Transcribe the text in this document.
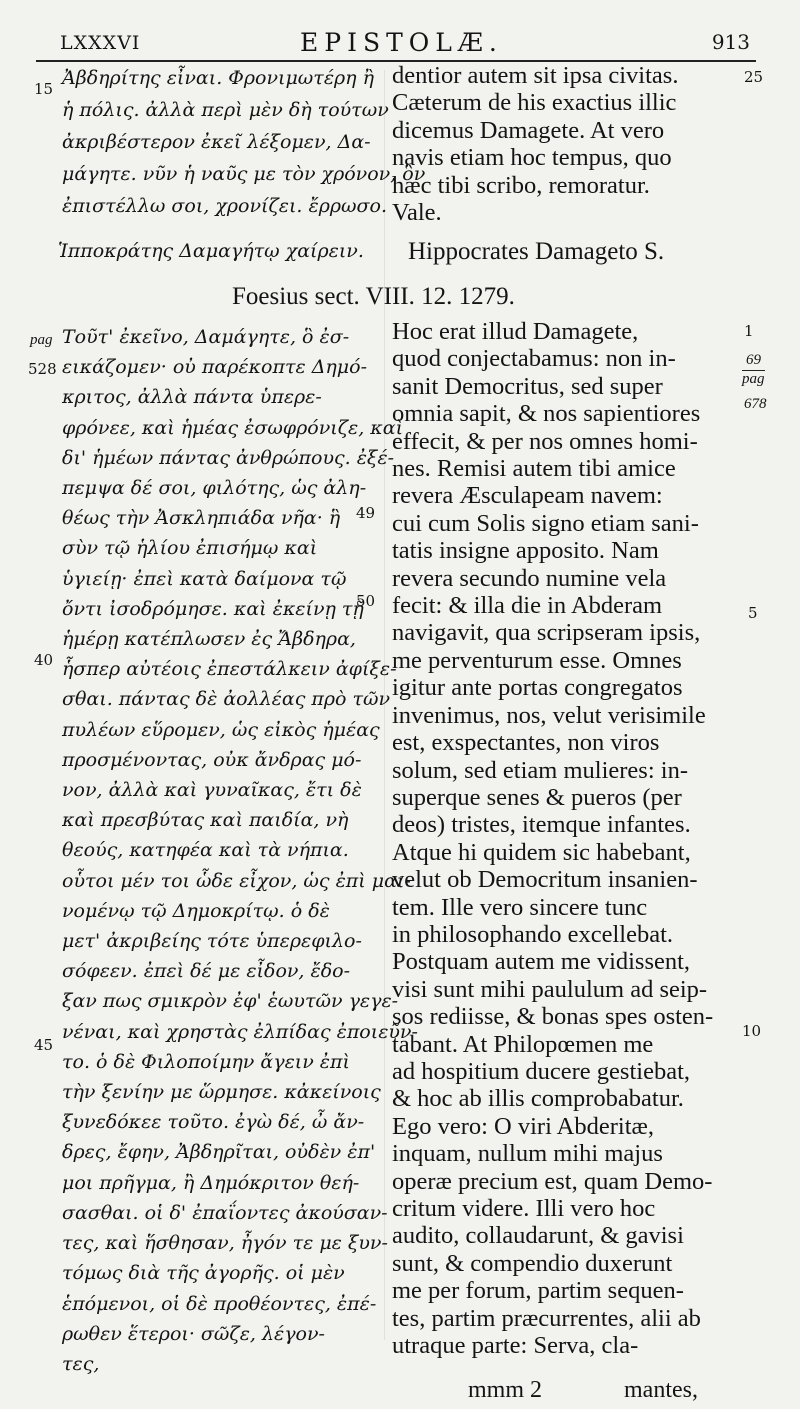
LXXXVI	EPISTOLÆ.	913
Ἀβδηρίτης εἶναι. Φρονιμωτέρη ἢ
ἡ πόλις. ἀλλὰ περὶ μὲν δὴ τούτων
ἀκριβέστερον ἐκεῖ λέξομεν, Δα-
μάγητε. νῦν ἡ ναῦς με τὸν χρόνον, ὃν
ἐπιστέλλω σοι, χρονίζει. ἔρρωσο.
dentior autem sit ipsa civitas.
Cæterum de his exactius illic
dicemus Damagete. At vero
navis etiam hoc tempus, quo
hæc tibi scribo, remoratur.
Vale.
Ἱπποκράτης Δαμαγήτῳ χαίρειν. Hippocrates Damageto S.
Foesius sect. VIII. 12. 1279.
Τοῦτ' ἐκεῖνο, Δαμάγητε, ὃ ἐσ-
εικάζομεν· οὐ παρέκοπτε Δημό-
κριτος, ἀλλὰ πάντα ὑπερε-
φρόνεε, καὶ ἡμέας ἐσωφρόνιζε, καὶ
δι' ἡμέων πάντας ἀνθρώπους. ἐξέ-
πεμψα δέ σοι, φιλότης, ὡς ἀλη-
θέως τὴν Ἀσκληπιάδα νῆα· ἣ
σὺν τῷ ἡλίου ἐπισήμῳ καὶ
ὑγιείῃ· ἐπεὶ κατὰ δαίμονα τῷ
ὄντι ἰσοδρόμησε. καὶ ἐκείνῃ τῇ
ἡμέρῃ κατέπλωσεν ἐς Ἄβδηρα,
ἧσπερ αὐτέοις ἐπεστάλκειν ἀφίξε-
σθαι. πάντας δὲ ἀολλέας πρὸ τῶν
πυλέων εὕρομεν, ὡς εἰκὸς ἡμέας
προσμένοντας, οὐκ ἄνδρας μό-
νον, ἀλλὰ καὶ γυναῖκας, ἔτι δὲ
καὶ πρεσβύτας καὶ παιδία, νὴ
θεούς, κατηφέα καὶ τὰ νήπια.
οὗτοι μέν τοι ὧδε εἶχον, ὡς ἐπὶ μαι-
νομένῳ τῷ Δημοκρίτῳ. ὁ δὲ
μετ' ἀκριβείης τότε ὑπερεφιλο-
σόφεεν. ἐπεὶ δέ με εἶδον, ἔδο-
ξαν πως σμικρὸν ἐφ' ἑωυτῶν γεγε-
νέναι, καὶ χρηστὰς ἐλπίδας ἐποιεῦν-
το. ὁ δὲ Φιλοποίμην ἄγειν ἐπὶ
τὴν ξενίην με ὥρμησε. κἀκείνοις
ξυνεδόκεε τοῦτο. ἐγὼ δέ, ὦ ἄν-
δρες, ἔφην, Ἀβδηρῖται, οὐδὲν ἐπ'
μοι πρῆγμα, ἢ Δημόκριτον θεή-
σασθαι. οἱ δ' ἐπαΐοντες ἀκούσαν-
τες, καὶ ἥσθησαν, ἦγόν τε με ξυν-
τόμως διὰ τῆς ἀγορῆς. οἱ μὲν
ἑπόμενοι, οἱ δὲ προθέοντες, ἐπέ-
ρωθεν ἕτεροι· σῶζε, λέγον-
τες,
Hoc erat illud Damagete,
quod conjectabamus: non in-
sanit Democritus, sed super
omnia sapit, & nos sapientiores
effecit, & per nos omnes homi-
nes. Remisi autem tibi amice
revera Æsculapeam navem:
cui cum Solis signo etiam sani-
tatis insigne apposito. Nam
revera secundo numine vela
fecit: & illa die in Abderam
navigavit, qua scripseram ipsis,
me perventurum esse. Omnes
igitur ante portas congregatos
invenimus, nos, velut verisimile
est, exspectantes, non viros
solum, sed etiam mulieres: in-
superque senes & pueros (per
deos) tristes, itemque infantes.
Atque hi quidem sic habebant,
velut ob Democritum insanien-
tem. Ille vero sincere tunc
in philosophando excellebat.
Postquam autem me vidissent,
visi sunt mihi paululum ad seip-
sos rediisse, & bonas spes osten-
tabant. At Philopœmen me
ad hospitium ducere gestiebat,
& hoc ab illis comprobabatur.
Ego vero: O viri Abderitæ,
inquam, nullum mihi majus
operæ precium est, quam Demo-
critum videre. Illi vero hoc
audito, collaudarunt, & gavisi
sunt, & compendio duxerunt
me per forum, partim sequen-
tes, partim præcurrentes, alii ab
utraque parte: Serva, cla-
15
pag
528
49
50
40
45
25
1
69
pag
678
5
10
mmm 2	mantes,
